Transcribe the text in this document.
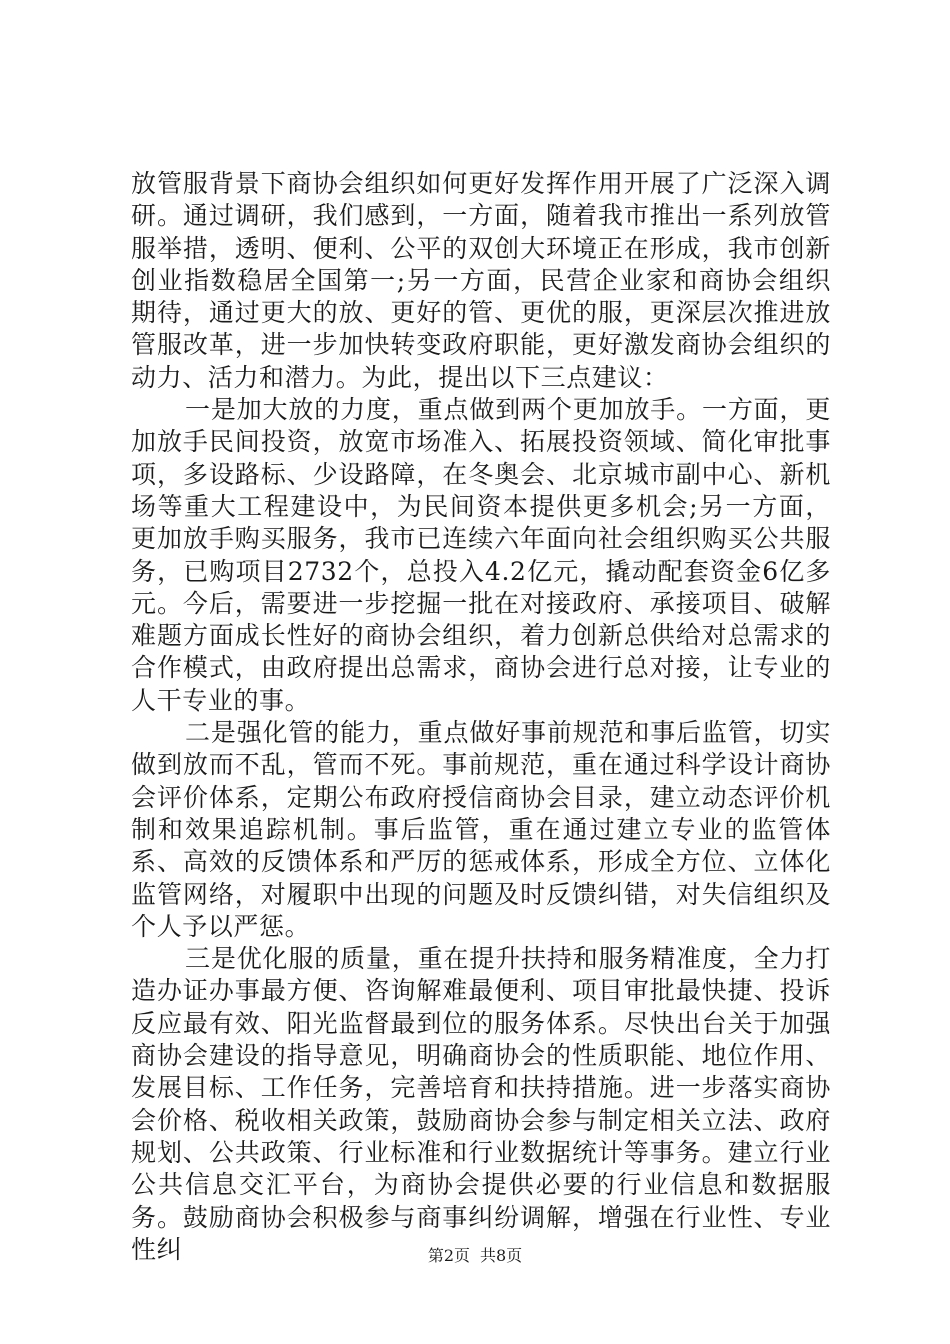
放管服背景下商协会组织如何更好发挥作用开展了广泛深入调研。通过调研，我们感到，一方面，随着我市推出一系列放管服举措，透明、便利、公平的双创大环境正在形成，我市创新创业指数稳居全国第一;另一方面，民营企业家和商协会组织期待，通过更大的放、更好的管、更优的服，更深层次推进放管服改革，进一步加快转变政府职能，更好激发商协会组织的动力、活力和潜力。为此，提出以下三点建议：

一是加大放的力度，重点做到两个更加放手。一方面，更加放手民间投资，放宽市场准入、拓展投资领域、简化审批事项，多设路标、少设路障，在冬奥会、北京城市副中心、新机场等重大工程建设中，为民间资本提供更多机会;另一方面，更加放手购买服务，我市已连续六年面向社会组织购买公共服务，已购项目2732个，总投入4.2亿元，撬动配套资金6亿多元。今后，需要进一步挖掘一批在对接政府、承接项目、破解难题方面成长性好的商协会组织，着力创新总供给对总需求的合作模式，由政府提出总需求，商协会进行总对接，让专业的人干专业的事。

二是强化管的能力，重点做好事前规范和事后监管，切实做到放而不乱，管而不死。事前规范，重在通过科学设计商协会评价体系，定期公布政府授信商协会目录，建立动态评价机制和效果追踪机制。事后监管，重在通过建立专业的监管体系、高效的反馈体系和严厉的惩戒体系，形成全方位、立体化监管网络，对履职中出现的问题及时反馈纠错，对失信组织及个人予以严惩。

三是优化服的质量，重在提升扶持和服务精准度，全力打造办证办事最方便、咨询解难最便利、项目审批最快捷、投诉反应最有效、阳光监督最到位的服务体系。尽快出台关于加强商协会建设的指导意见，明确商协会的性质职能、地位作用、发展目标、工作任务，完善培育和扶持措施。进一步落实商协会价格、税收相关政策，鼓励商协会参与制定相关立法、政府规划、公共政策、行业标准和行业数据统计等事务。建立行业公共信息交汇平台，为商协会提供必要的行业信息和数据服务。鼓励商协会积极参与商事纠纷调解，增强在行业性、专业性纠	第2页 共8页
